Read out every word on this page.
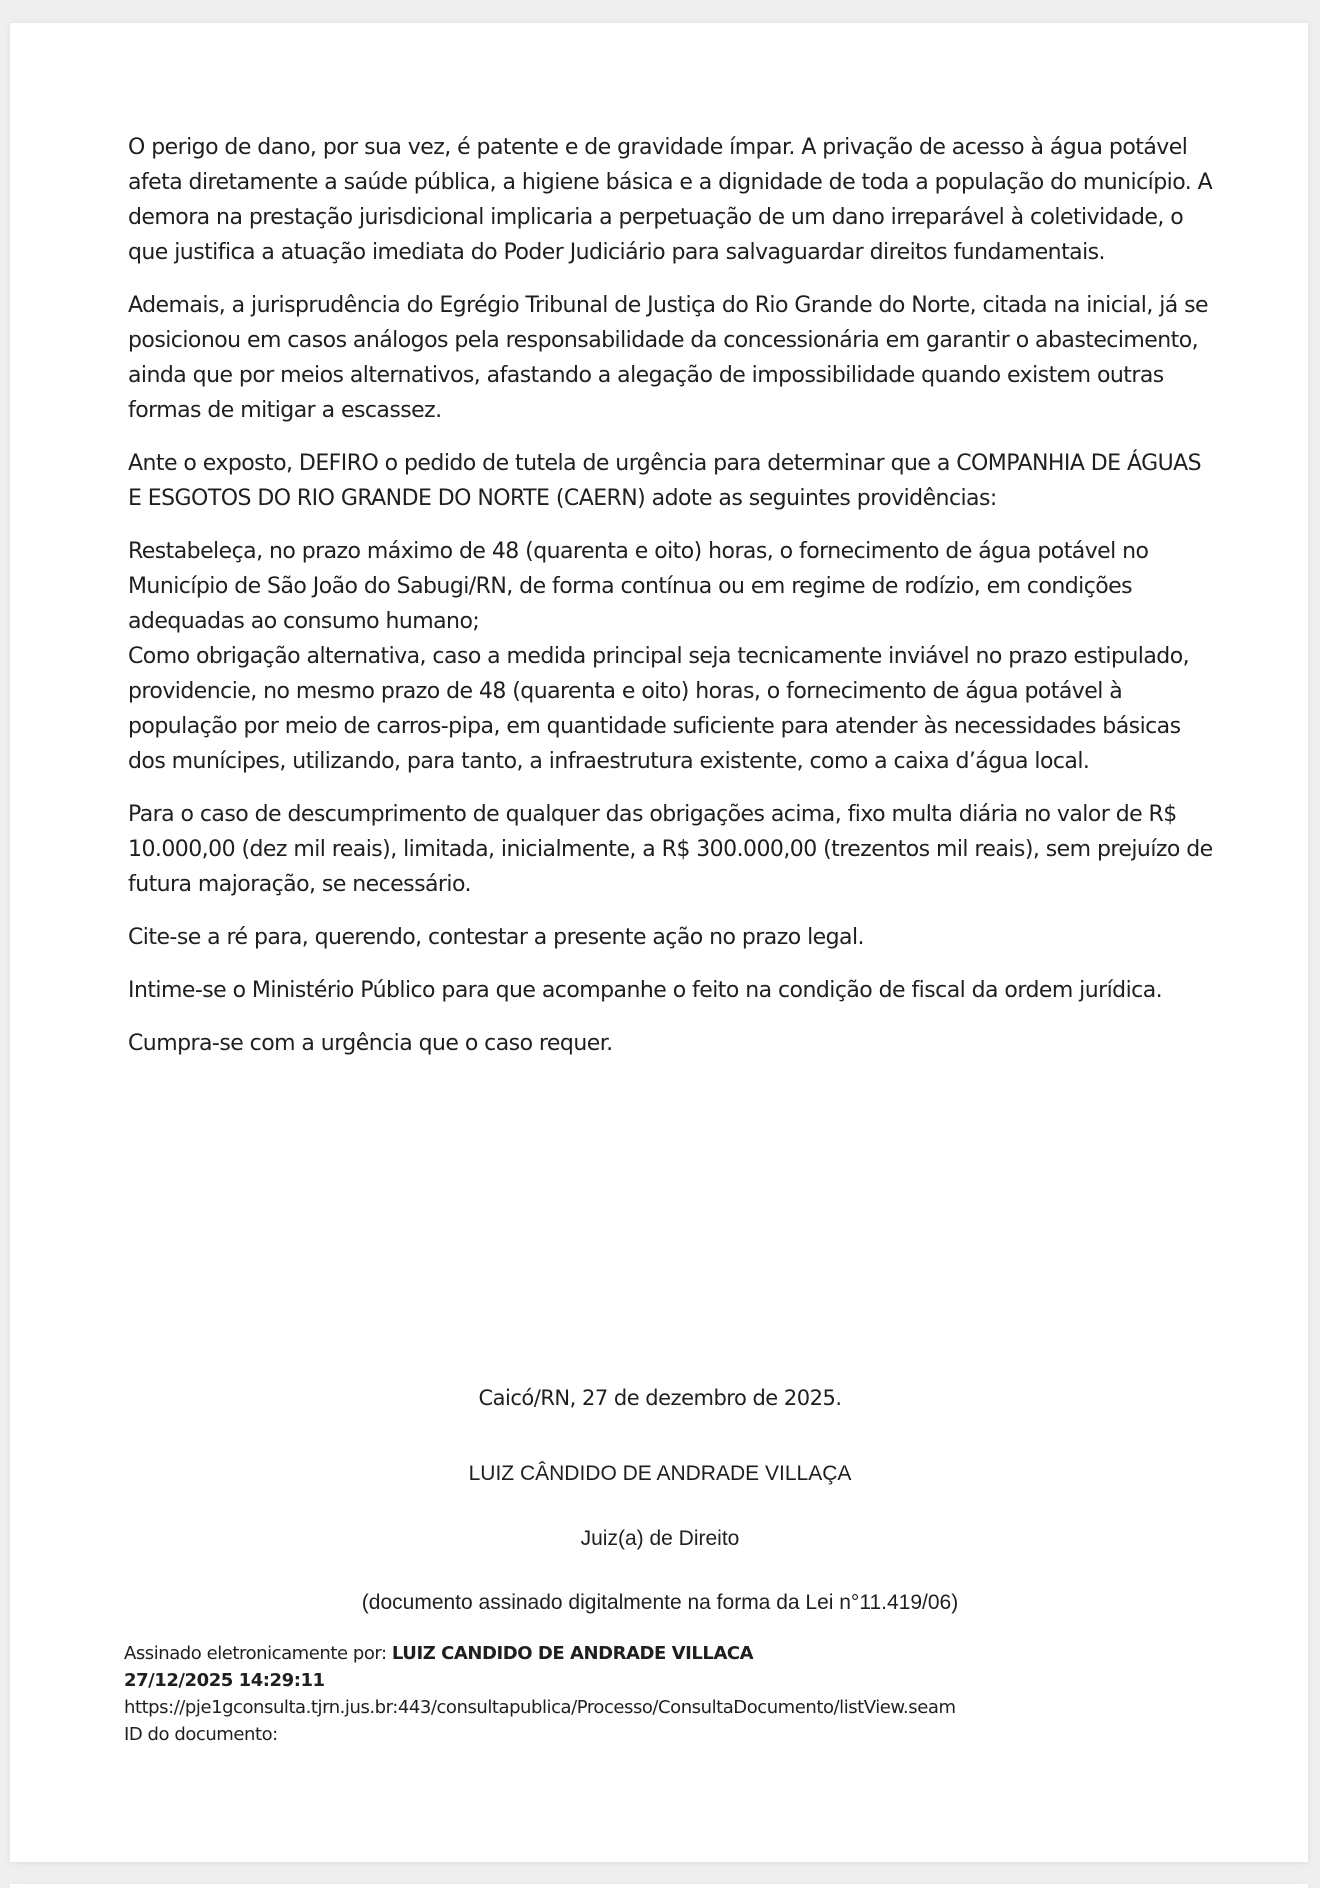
O perigo de dano, por sua vez, é patente e de gravidade ímpar. A privação de acesso à água potável afeta diretamente a saúde pública, a higiene básica e a dignidade de toda a população do município. A demora na prestação jurisdicional implicaria a perpetuação de um dano irreparável à coletividade, o que justifica a atuação imediata do Poder Judiciário para salvaguardar direitos fundamentais.

Ademais, a jurisprudência do Egrégio Tribunal de Justiça do Rio Grande do Norte, citada na inicial, já se posicionou em casos análogos pela responsabilidade da concessionária em garantir o abastecimento, ainda que por meios alternativos, afastando a alegação de impossibilidade quando existem outras formas de mitigar a escassez.

Ante o exposto, DEFIRO o pedido de tutela de urgência para determinar que a COMPANHIA DE ÁGUAS E ESGOTOS DO RIO GRANDE DO NORTE (CAERN) adote as seguintes providências:

Restabeleça, no prazo máximo de 48 (quarenta e oito) horas, o fornecimento de água potável no Município de São João do Sabugi/RN, de forma contínua ou em regime de rodízio, em condições adequadas ao consumo humano;

Como obrigação alternativa, caso a medida principal seja tecnicamente inviável no prazo estipulado, providencie, no mesmo prazo de 48 (quarenta e oito) horas, o fornecimento de água potável à população por meio de carros-pipa, em quantidade suficiente para atender às necessidades básicas dos munícipes, utilizando, para tanto, a infraestrutura existente, como a caixa d’água local.

Para o caso de descumprimento de qualquer das obrigações acima, fixo multa diária no valor de R$ 10.000,00 (dez mil reais), limitada, inicialmente, a R$ 300.000,00 (trezentos mil reais), sem prejuízo de futura majoração, se necessário.

Cite-se a ré para, querendo, contestar a presente ação no prazo legal.

Intime-se o Ministério Público para que acompanhe o feito na condição de fiscal da ordem jurídica.

Cumpra-se com a urgência que o caso requer.

Caicó/RN, 27 de dezembro de 2025.
LUIZ CÂNDIDO DE ANDRADE VILLAÇA
Juiz(a) de Direito
(documento assinado digitalmente na forma da Lei n°11.419/06)
Assinado eletronicamente por: LUIZ CANDIDO DE ANDRADE VILLACA
27/12/2025 14:29:11
https://pje1gconsulta.tjrn.jus.br:443/consultapublica/Processo/ConsultaDocumento/listView.seam
ID do documento:
